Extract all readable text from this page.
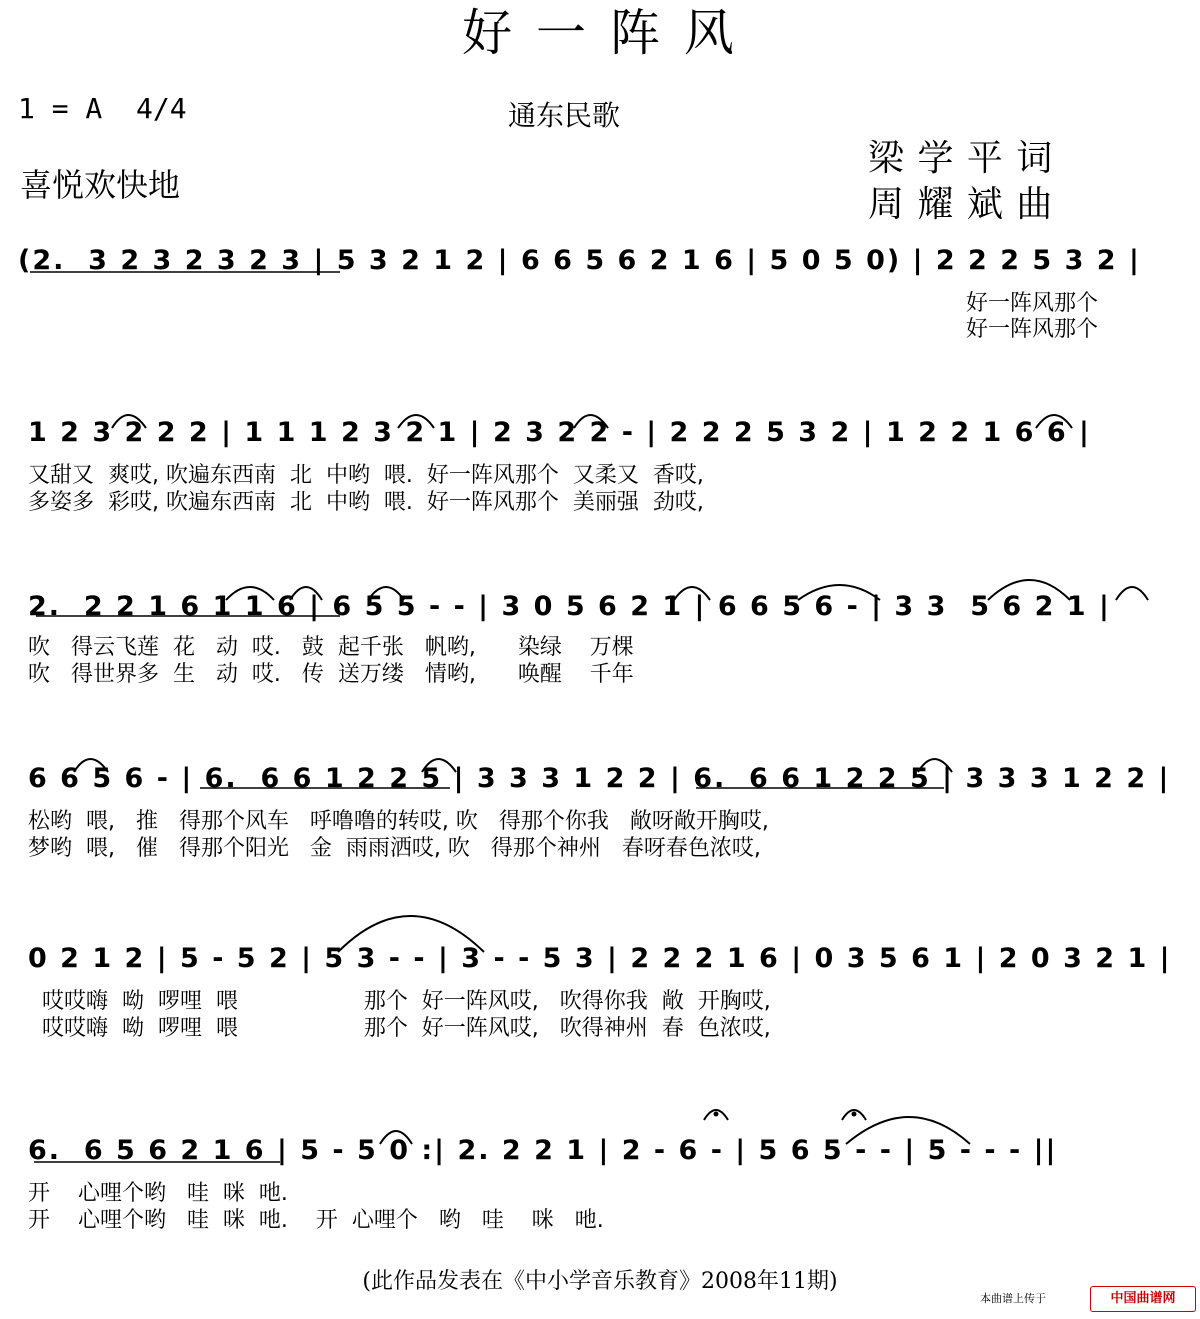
好 一 阵 风
1 = A  4/4	通东民歌
喜悦欢快地
梁 学 平 词
周 耀 斌 曲
(2.  3 2 3 2 3 2 3 | 5 3 2 1 2 | 6 6 5 6 2 1 6 | 5 0 5 0) | 2 2 2 5 3 2 |
好一阵风那个
好一阵风那个
1 2 3 2 2 2 | 1 1 1 2 3 2 1 | 2 3 2 2 - | 2 2 2 5 3 2 | 1 2 2 1 6 6 |
又甜又  爽哎, 吹遍东西南  北  中哟  喂.  好一阵风那个  又柔又  香哎,
多姿多  彩哎, 吹遍东西南  北  中哟  喂.  好一阵风那个  美丽强  劲哎,
2.  2 2 1 6 1 1 6 | 6 5 5 - - | 3 0 5 6 2 1 | 6 6 5 6 - | 3 3  5 6 2 1 |
吹   得云飞莲  花   动  哎.   鼓  起千张   帆哟,      染绿    万棵
吹   得世界多  生   动  哎.   传  送万缕   情哟,      唤醒    千年
6 6 5 6 - | 6.  6 6 1 2 2 5 | 3 3 3 1 2 2 | 6.  6 6 1 2 2 5 | 3 3 3 1 2 2 |
松哟  喂,   推   得那个风车   呼噜噜的转哎, 吹   得那个你我   敞呀敞开胸哎,
梦哟  喂,   催   得那个阳光   金  雨雨洒哎, 吹   得那个神州   春呀春色浓哎,
0 2 1 2 | 5 - 5 2 | 5 3 - - | 3 - - 5 3 | 2 2 2 1 6 | 0 3 5 6 1 | 2 0 3 2 1 |
哎哎嗨  呦  啰哩  喂                  那个  好一阵风哎,   吹得你我  敞  开胸哎,
哎哎嗨  呦  啰哩  喂                  那个  好一阵风哎,   吹得神州  春  色浓哎,
6.  6 5 6 2 1 6 | 5 - 5 0 :| 2. 2 2 1 | 2 - 6 - | 5 6 5 - - | 5 - - - ||
开    心哩个哟   哇  咪  吔.
开    心哩个哟   哇  咪  吔.    开  心哩个   哟   哇    咪   吔.
(此作品发表在《中小学音乐教育》2008年11期)
本曲谱上传于	中国曲谱网
